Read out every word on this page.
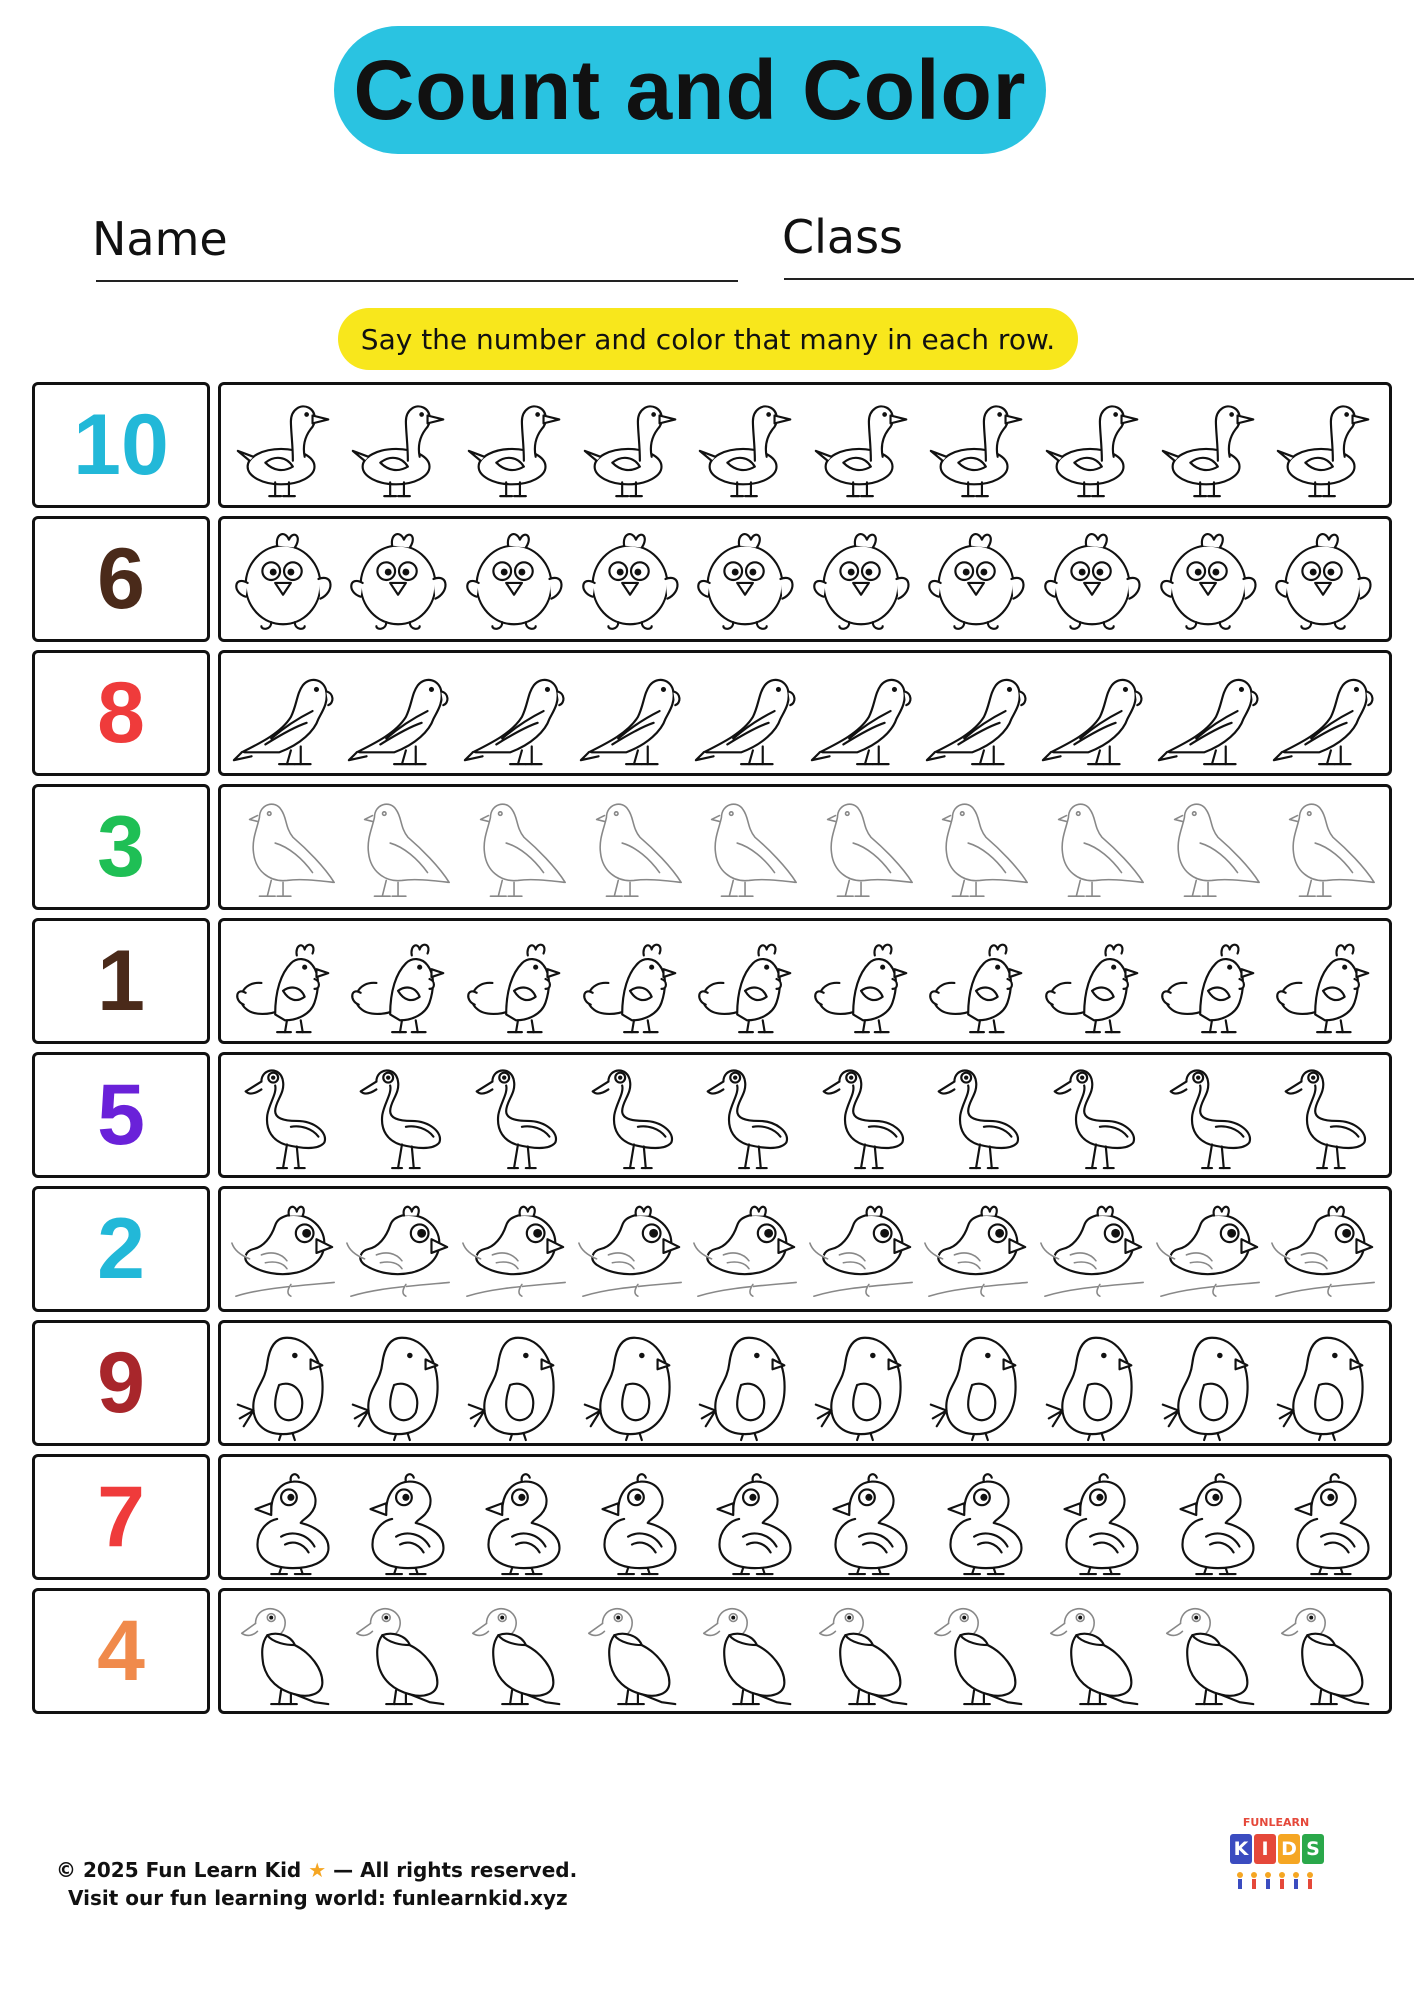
Count and Color
Name	Class
Say the number and color that many in each row.
10
6
8
3
1
5
2
9
7
4
© 2025 Fun Learn Kid ★ — All rights reserved.
Visit our fun learning world: funlearnkid.xyz
FUNLEARN
K I D S
